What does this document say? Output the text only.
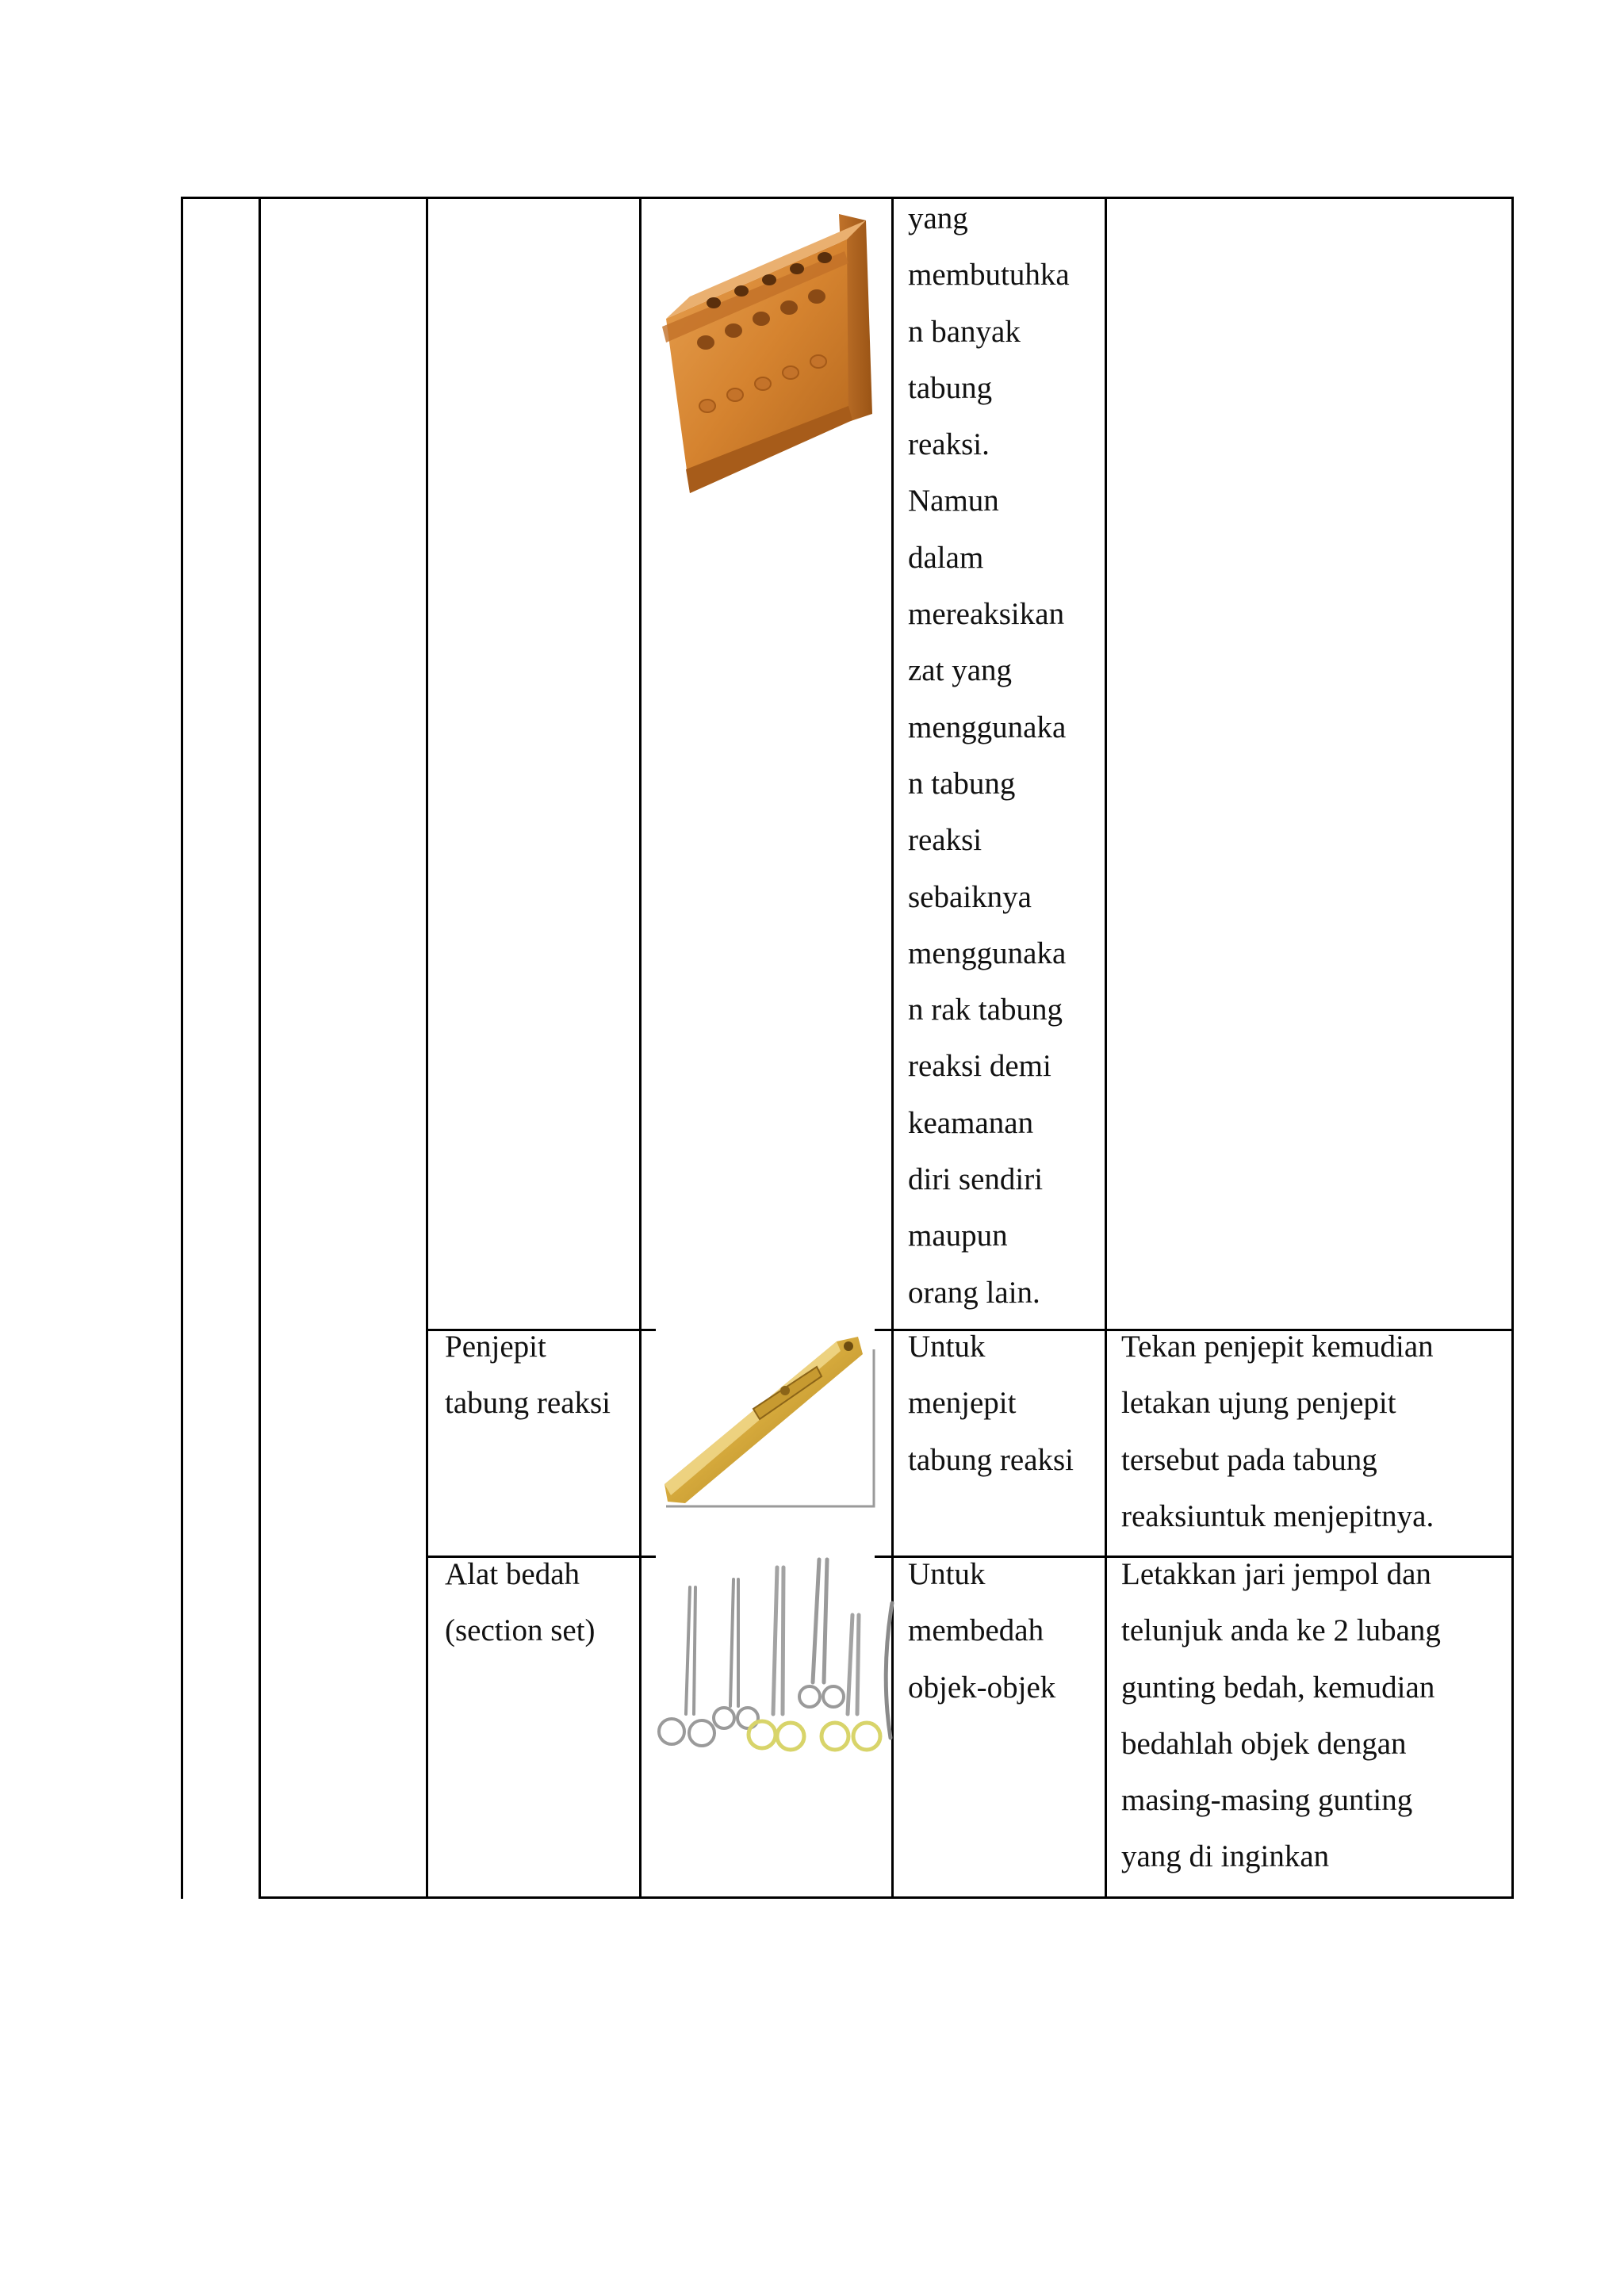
yang
membutuhka
n banyak
tabung
reaksi.
Namun
dalam
mereaksikan
zat yang
menggunaka
n tabung
reaksi
sebaiknya
menggunaka
n rak tabung
reaksi demi
keamanan
diri sendiri
maupun
orang lain.
Penjepit
tabung reaksi
Untuk
menjepit
tabung reaksi
Tekan penjepit kemudian
letakan ujung penjepit
tersebut pada tabung
reaksiuntuk menjepitnya.
Alat bedah
(section set)
Untuk
membedah
objek-objek
Letakkan jari jempol dan
telunjuk anda ke 2 lubang
gunting bedah, kemudian
bedahlah objek dengan
masing-masing gunting
yang di inginkan
